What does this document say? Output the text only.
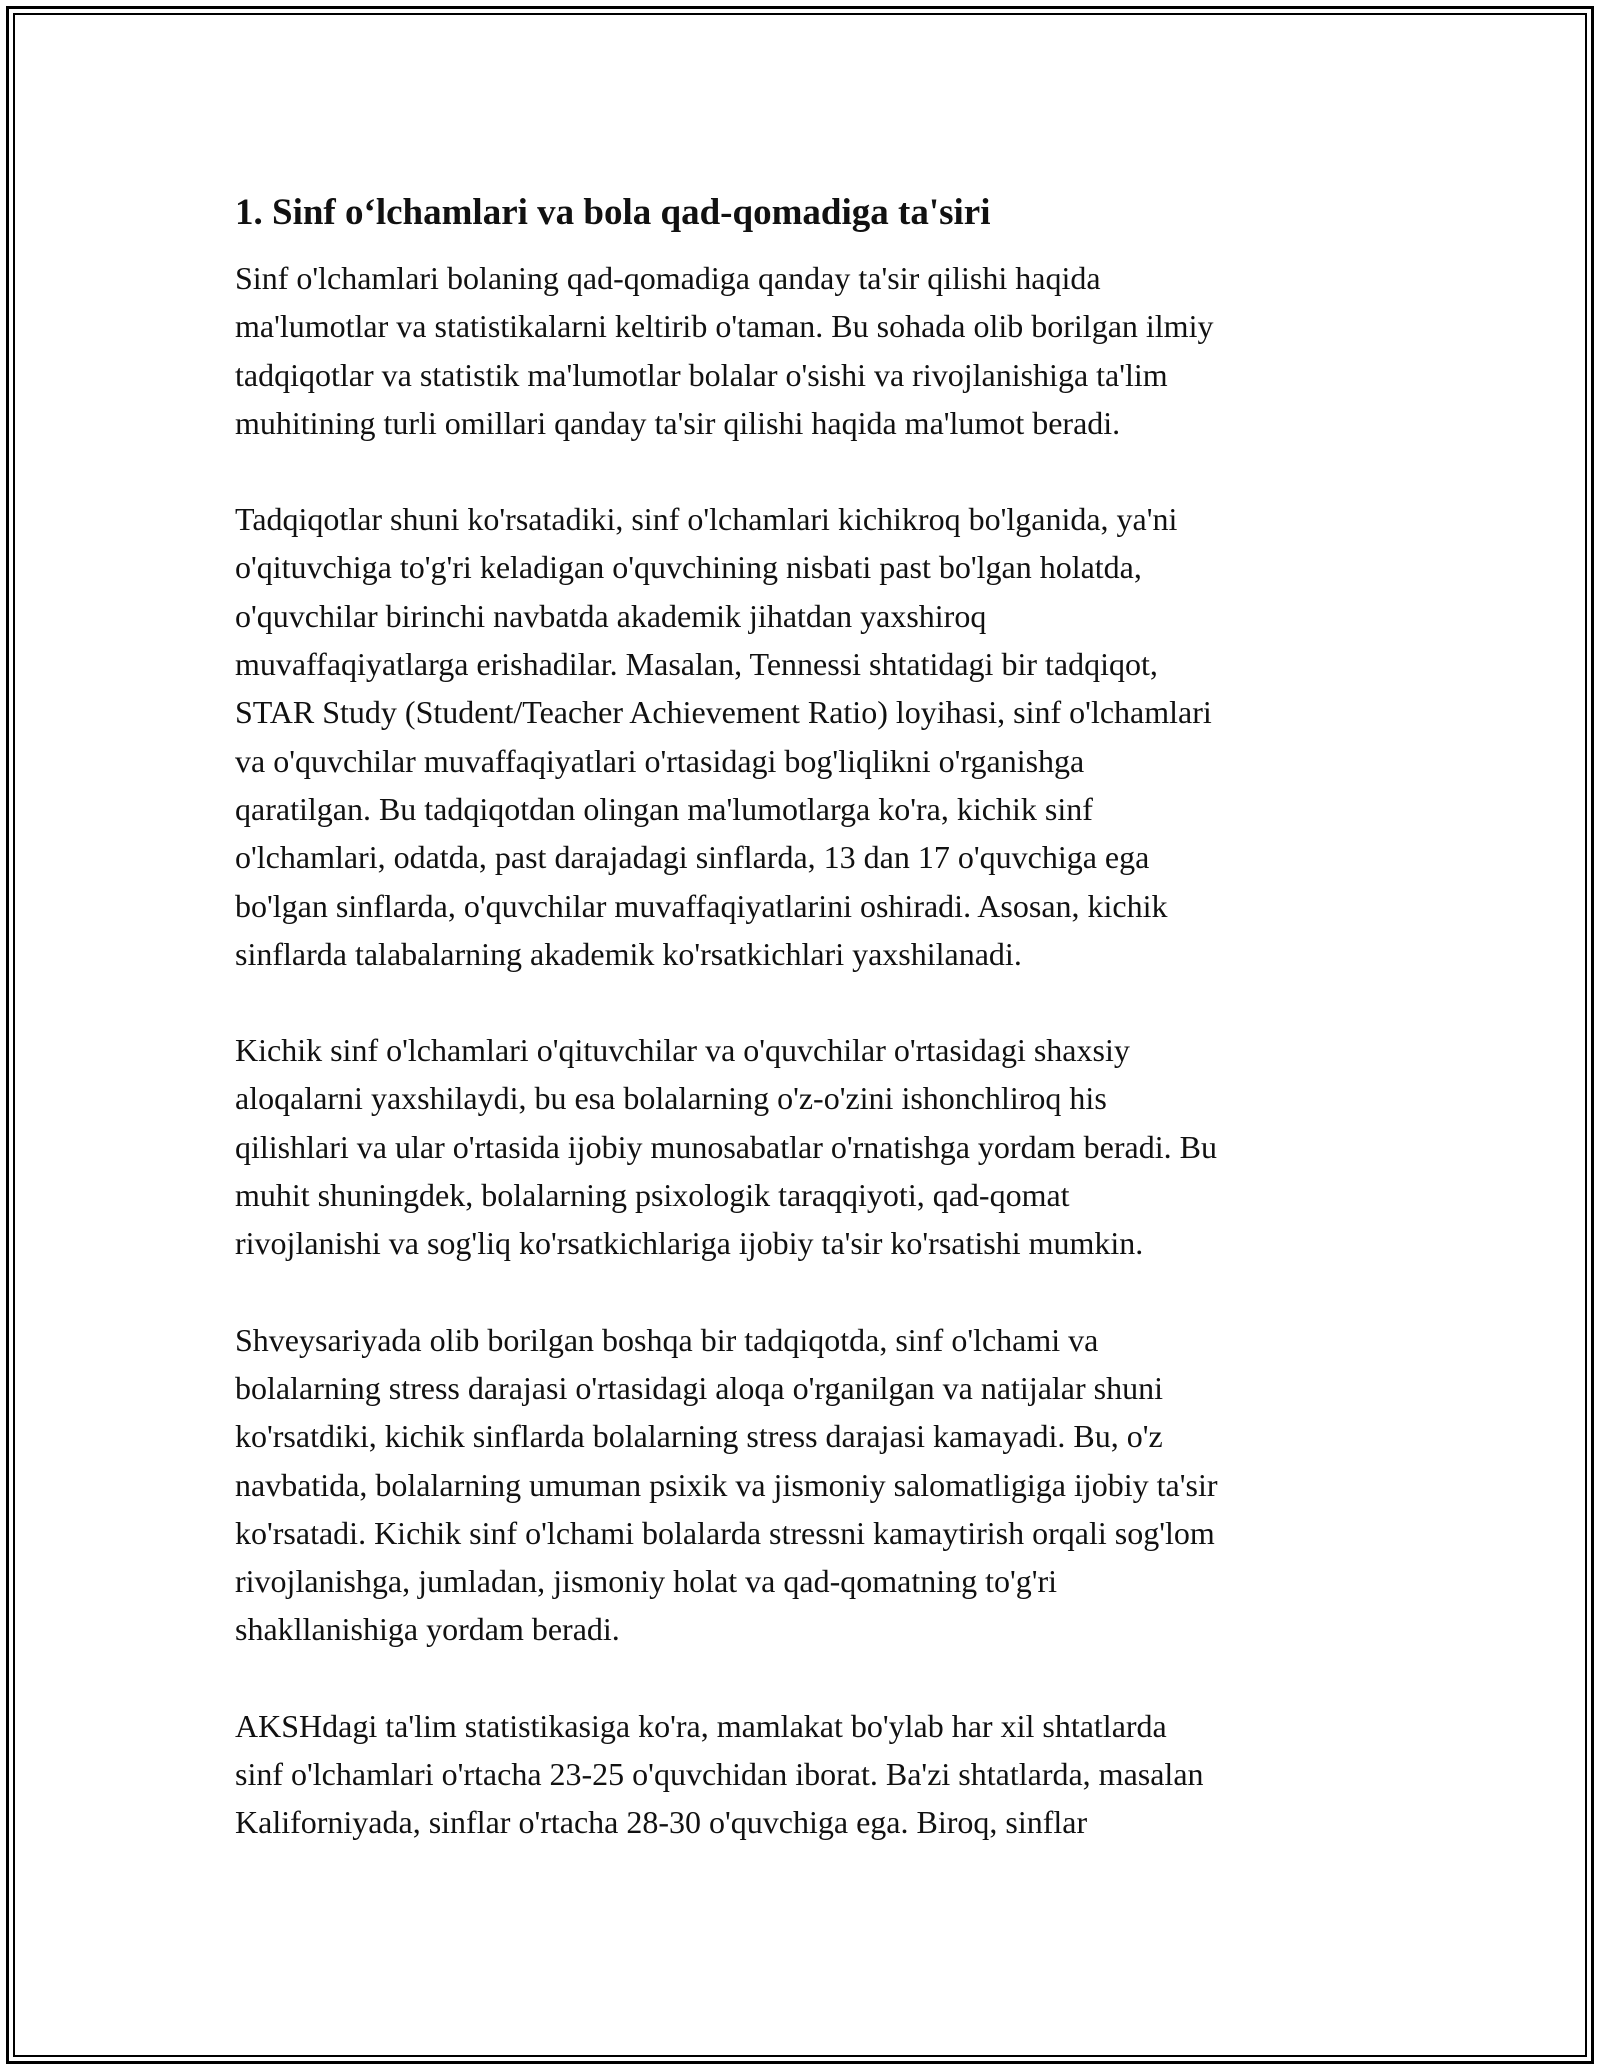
1. Sinf o‘lchamlari va bola qad-qomadiga ta'siri

Sinf o'lchamlari bolaning qad-qomadiga qanday ta'sir qilishi haqida
ma'lumotlar va statistikalarni keltirib o'taman. Bu sohada olib borilgan ilmiy
tadqiqotlar va statistik ma'lumotlar bolalar o'sishi va rivojlanishiga ta'lim
muhitining turli omillari qanday ta'sir qilishi haqida ma'lumot beradi.

Tadqiqotlar shuni ko'rsatadiki, sinf o'lchamlari kichikroq bo'lganida, ya'ni
o'qituvchiga to'g'ri keladigan o'quvchining nisbati past bo'lgan holatda,
o'quvchilar birinchi navbatda akademik jihatdan yaxshiroq
muvaffaqiyatlarga erishadilar. Masalan, Tennessi shtatidagi bir tadqiqot,
STAR Study (Student/Teacher Achievement Ratio) loyihasi, sinf o'lchamlari
va o'quvchilar muvaffaqiyatlari o'rtasidagi bog'liqlikni o'rganishga
qaratilgan. Bu tadqiqotdan olingan ma'lumotlarga ko'ra, kichik sinf
o'lchamlari, odatda, past darajadagi sinflarda, 13 dan 17 o'quvchiga ega
bo'lgan sinflarda, o'quvchilar muvaffaqiyatlarini oshiradi. Asosan, kichik
sinflarda talabalarning akademik ko'rsatkichlari yaxshilanadi.

Kichik sinf o'lchamlari o'qituvchilar va o'quvchilar o'rtasidagi shaxsiy
aloqalarni yaxshilaydi, bu esa bolalarning o'z-o'zini ishonchliroq his
qilishlari va ular o'rtasida ijobiy munosabatlar o'rnatishga yordam beradi. Bu
muhit shuningdek, bolalarning psixologik taraqqiyoti, qad-qomat
rivojlanishi va sog'liq ko'rsatkichlariga ijobiy ta'sir ko'rsatishi mumkin.

Shveysariyada olib borilgan boshqa bir tadqiqotda, sinf o'lchami va
bolalarning stress darajasi o'rtasidagi aloqa o'rganilgan va natijalar shuni
ko'rsatdiki, kichik sinflarda bolalarning stress darajasi kamayadi. Bu, o'z
navbatida, bolalarning umuman psixik va jismoniy salomatligiga ijobiy ta'sir
ko'rsatadi. Kichik sinf o'lchami bolalarda stressni kamaytirish orqali sog'lom
rivojlanishga, jumladan, jismoniy holat va qad-qomatning to'g'ri
shakllanishiga yordam beradi.

AKSHdagi ta'lim statistikasiga ko'ra, mamlakat bo'ylab har xil shtatlarda
sinf o'lchamlari o'rtacha 23-25 o'quvchidan iborat. Ba'zi shtatlarda, masalan
Kaliforniyada, sinflar o'rtacha 28-30 o'quvchiga ega. Biroq, sinflar
